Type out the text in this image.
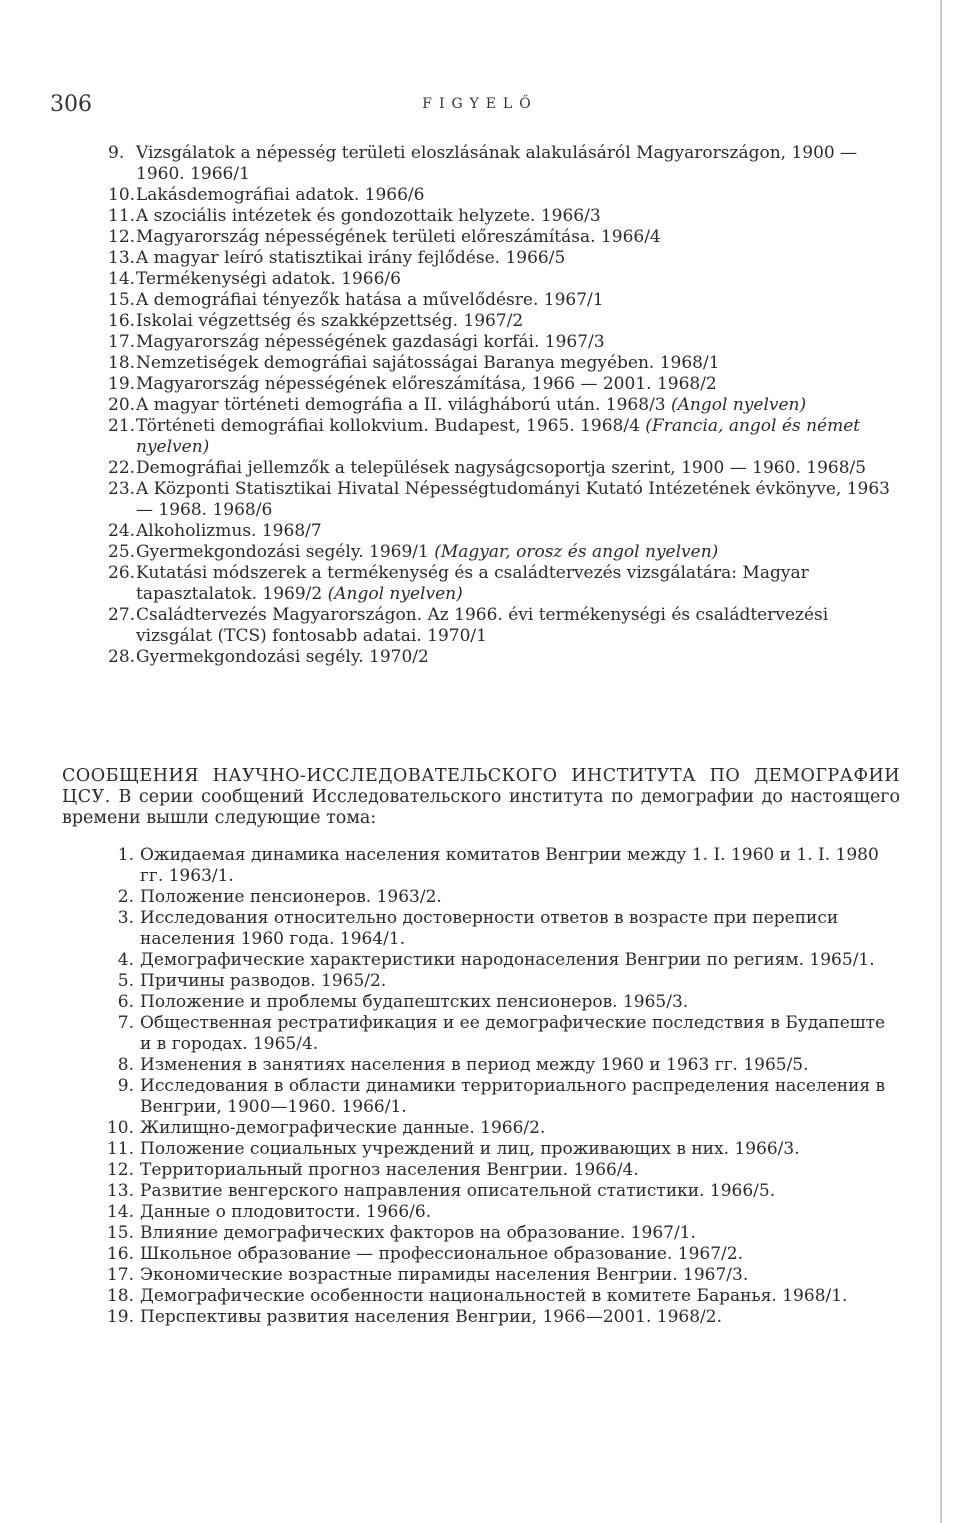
306	FIGYELŐ
9. Vizsgálatok a népesség területi eloszlásának alakulásáról Magyarországon, 1900 — 1960. 1966/1
10. Lakásdemográfiai adatok. 1966/6
11. A szociális intézetek és gondozottaik helyzete. 1966/3
12. Magyarország népességének területi előreszámítása. 1966/4
13. A magyar leíró statisztikai irány fejlődése. 1966/5
14. Termékenységi adatok. 1966/6
15. A demográfiai tényezők hatása a művelődésre. 1967/1
16. Iskolai végzettség és szakképzettség. 1967/2
17. Magyarország népességének gazdasági korfái. 1967/3
18. Nemzetiségek demográfiai sajátosságai Baranya megyében. 1968/1
19. Magyarország népességének előreszámítása, 1966 — 2001. 1968/2
20. A magyar történeti demográfia a II. világháború után. 1968/3 (Angol nyelven)
21. Történeti demográfiai kollokvium. Budapest, 1965. 1968/4 (Francia, angol és német nyelven)
22. Demográfiai jellemzők a települések nagyságcsoportja szerint, 1900 — 1960. 1968/5
23. A Központi Statisztikai Hivatal Népességtudományi Kutató Intézetének évkönyve, 1963 — 1968. 1968/6
24. Alkoholizmus. 1968/7
25. Gyermekgondozási segély. 1969/1 (Magyar, orosz és angol nyelven)
26. Kutatási módszerek a termékenység és a családtervezés vizsgálatára: Magyar tapasztalatok. 1969/2 (Angol nyelven)
27. Családtervezés Magyarországon. Az 1966. évi termékenységi és családtervezési vizsgálat (TCS) fontosabb adatai. 1970/1
28. Gyermekgondozási segély. 1970/2

СООБЩЕНИЯ НАУЧНО-ИССЛЕДОВАТЕЛЬСКОГО ИНСТИТУТА ПО ДЕМОГРАФИИ ЦСУ. В серии сообщений Исследовательского института по демографии до настоящего времени вышли следующие тома:

1. Ожидаемая динамика населения комитатов Венгрии между 1. I. 1960 и 1. I. 1980 гг. 1963/1.
2. Положение пенсионеров. 1963/2.
3. Исследования относительно достоверности ответов в возрасте при переписи населения 1960 года. 1964/1.
4. Демографические характеристики народонаселения Венгрии по региям. 1965/1.
5. Причины разводов. 1965/2.
6. Положение и проблемы будапештских пенсионеров. 1965/3.
7. Общественная рестратификация и ее демографические последствия в Будапеште и в городах. 1965/4.
8. Изменения в занятиях населения в период между 1960 и 1963 гг. 1965/5.
9. Исследования в области динамики территориального распределения населения в Венгрии, 1900—1960. 1966/1.
10. Жилищно-демографические данные. 1966/2.
11. Положение социальных учреждений и лиц, проживающих в них. 1966/3.
12. Территориальный прогноз населения Венгрии. 1966/4.
13. Развитие венгерского направления описательной статистики. 1966/5.
14. Данные о плодовитости. 1966/6.
15. Влияние демографических факторов на образование. 1967/1.
16. Школьное образование — профессиональное образование. 1967/2.
17. Экономические возрастные пирамиды населения Венгрии. 1967/3.
18. Демографические особенности национальностей в комитете Баранья. 1968/1.
19. Перспективы развития населения Венгрии, 1966—2001. 1968/2.
